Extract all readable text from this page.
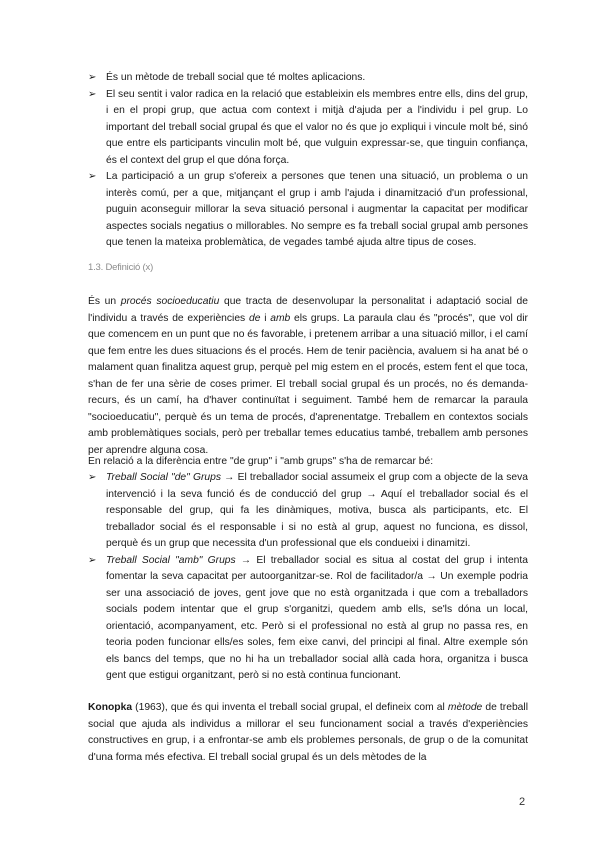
➢ És un mètode de treball social que té moltes aplicacions.
➢ El seu sentit i valor radica en la relació que estableixin els membres entre ells, dins del grup, i en el propi grup, que actua com context i mitjà d'ajuda per a l'individu i pel grup. Lo important del treball social grupal és que el valor no és que jo expliqui i vincule molt bé, sinó que entre els participants vinculin molt bé, que vulguin expressar-se, que tinguin confiança, és el context del grup el que dóna força.
➢ La participació a un grup s'ofereix a persones que tenen una situació, un problema o un interès comú, per a que, mitjançant el grup i amb l'ajuda i dinamització d'un professional, puguin aconseguir millorar la seva situació personal i augmentar la capacitat per modificar aspectes socials negatius o millorables. No sempre es fa treball social grupal amb persones que tenen la mateixa problemàtica, de vegades també ajuda altre tipus de coses.
1.3. Definició (x)

És un procés socioeducatiu que tracta de desenvolupar la personalitat i adaptació social de l'individu a través de experiències de i amb els grups. La paraula clau és "procés", que vol dir que comencem en un punt que no és favorable, i pretenem arribar a una situació millor, i el camí que fem entre les dues situacions és el procés. Hem de tenir paciència, avaluem si ha anat bé o malament quan finalitza aquest grup, perquè pel mig estem en el procés, estem fent el que toca, s'han de fer una sèrie de coses primer. El treball social grupal és un procés, no és demanda-recurs, és un camí, ha d'haver continuïtat i seguiment. També hem de remarcar la paraula "socioeducatiu", perquè és un tema de procés, d'aprenentatge. Treballem en contextos socials amb problemàtiques socials, però per treballar temes educatius també, treballem amb persones per aprendre alguna cosa.

En relació a la diferència entre "de grup" i "amb grups" s'ha de remarcar bé:

➢ Treball Social "de" Grups → El treballador social assumeix el grup com a objecte de la seva intervenció i la seva funció és de conducció del grup → Aquí el treballador social és el responsable del grup, qui fa les dinàmiques, motiva, busca als participants, etc. El treballador social és el responsable i si no està al grup, aquest no funciona, es dissol, perquè és un grup que necessita d'un professional que els condueixi i dinamitzi.
➢ Treball Social "amb" Grups → El treballador social es situa al costat del grup i intenta fomentar la seva capacitat per autoorganitzar-se. Rol de facilitador/a → Un exemple podria ser una associació de joves, gent jove que no està organitzada i que com a treballadors socials podem intentar que el grup s'organitzi, quedem amb ells, se'ls dóna un local, orientació, acompanyament, etc. Però si el professional no està al grup no passa res, en teoria poden funcionar ells/es soles, fem eixe canvi, del principi al final. Altre exemple són els bancs del temps, que no hi ha un treballador social allà cada hora, organitza i busca gent que estigui organitzant, però si no està continua funcionant.

Konopka (1963), que és qui inventa el treball social grupal, el defineix com al mètode de treball social que ajuda als individus a millorar el seu funcionament social a través d'experiències constructives en grup, i a enfrontar-se amb els problemes personals, de grup o de la comunitat d'una forma més efectiva. El treball social grupal és un dels mètodes de la

2
